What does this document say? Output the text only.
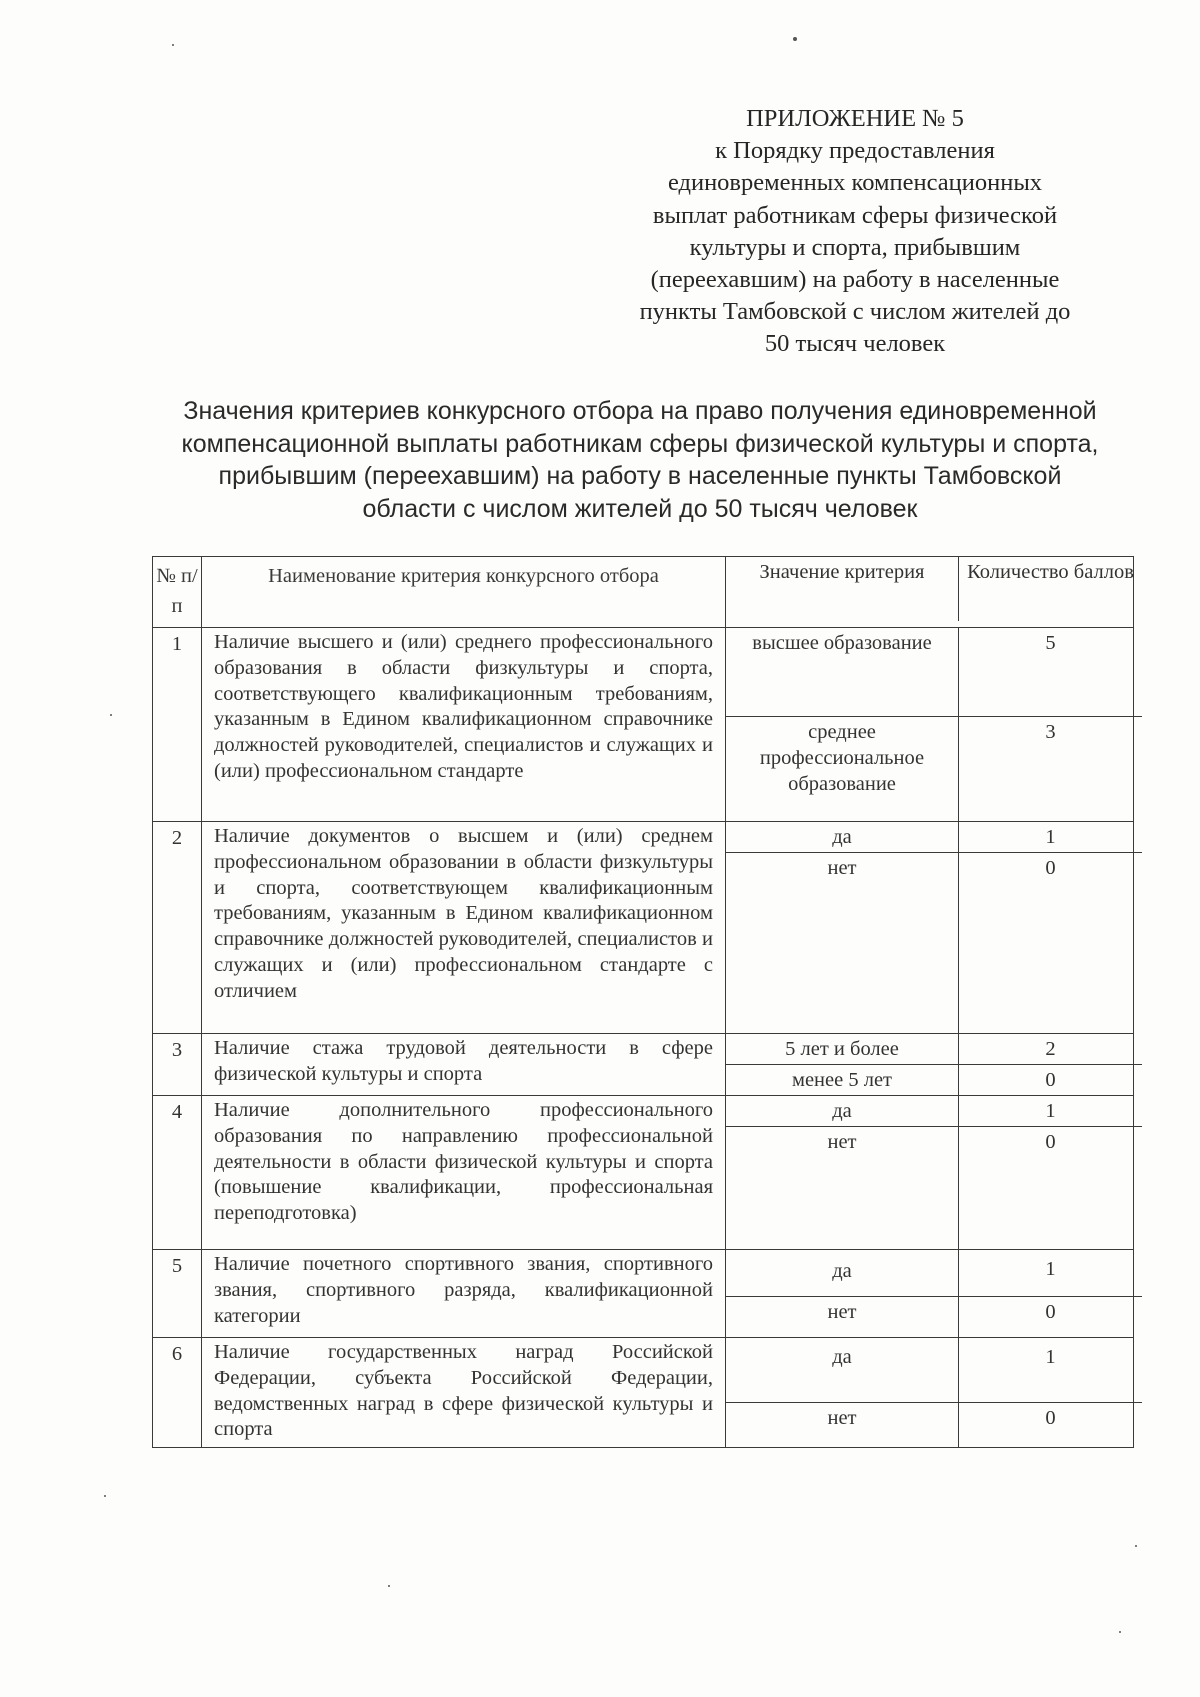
ПРИЛОЖЕНИЕ № 5
к Порядку предоставления
единовременных компенсационных
выплат работникам сферы физической
культуры и спорта, прибывшим
(переехавшим) на работу в населенные
пункты Тамбовской с числом жителей до
50 тысяч человек
Значения критериев конкурсного отбора на право получения единовременной
компенсационной выплаты работникам сферы физической культуры и спорта,
прибывшим (переехавшим) на работу в населенные пункты Тамбовской
области с числом жителей до 50 тысяч человек
№ п/п	Наименование критерия конкурсного отбора		Значение критерия	Количество баллов

1	Наличие высшего и (или) среднего профессионального образования в области физкультуры и спорта, соответствующего квалификационным требованиям, указанным в Едином квалификационном справочнике должностей руководителей, специалистов и служащих и (или) профессиональном стандарте	
высшее образование	5
среднее профессиональное образование	3

2	Наличие документов о высшем и (или) среднем профессиональном образовании в области физкультуры и спорта, соответствующем квалификационным требованиям, указанным в Едином квалификационном справочнике должностей руководителей, специалистов и служащих и (или) профессиональном стандарте с отличием	
да	1
нет	0

3	Наличие стажа трудовой деятельности в сфере физической культуры и спорта	
5 лет и более	2
менее 5 лет	0

4	Наличие дополнительного профессионального образования по направлению профессиональной деятельности в области физической культуры и спорта (повышение квалификации, профессиональная переподготовка)	
да	1
нет	0

5	Наличие почетного спортивного звания, спортивного звания, спортивного разряда, квалификационной категории	
да	1
нет	0

6	Наличие государственных наград Российской Федерации, субъекта Российской Федерации, ведомственных наград в сфере физической культуры и спорта	
да	1
нет	0
